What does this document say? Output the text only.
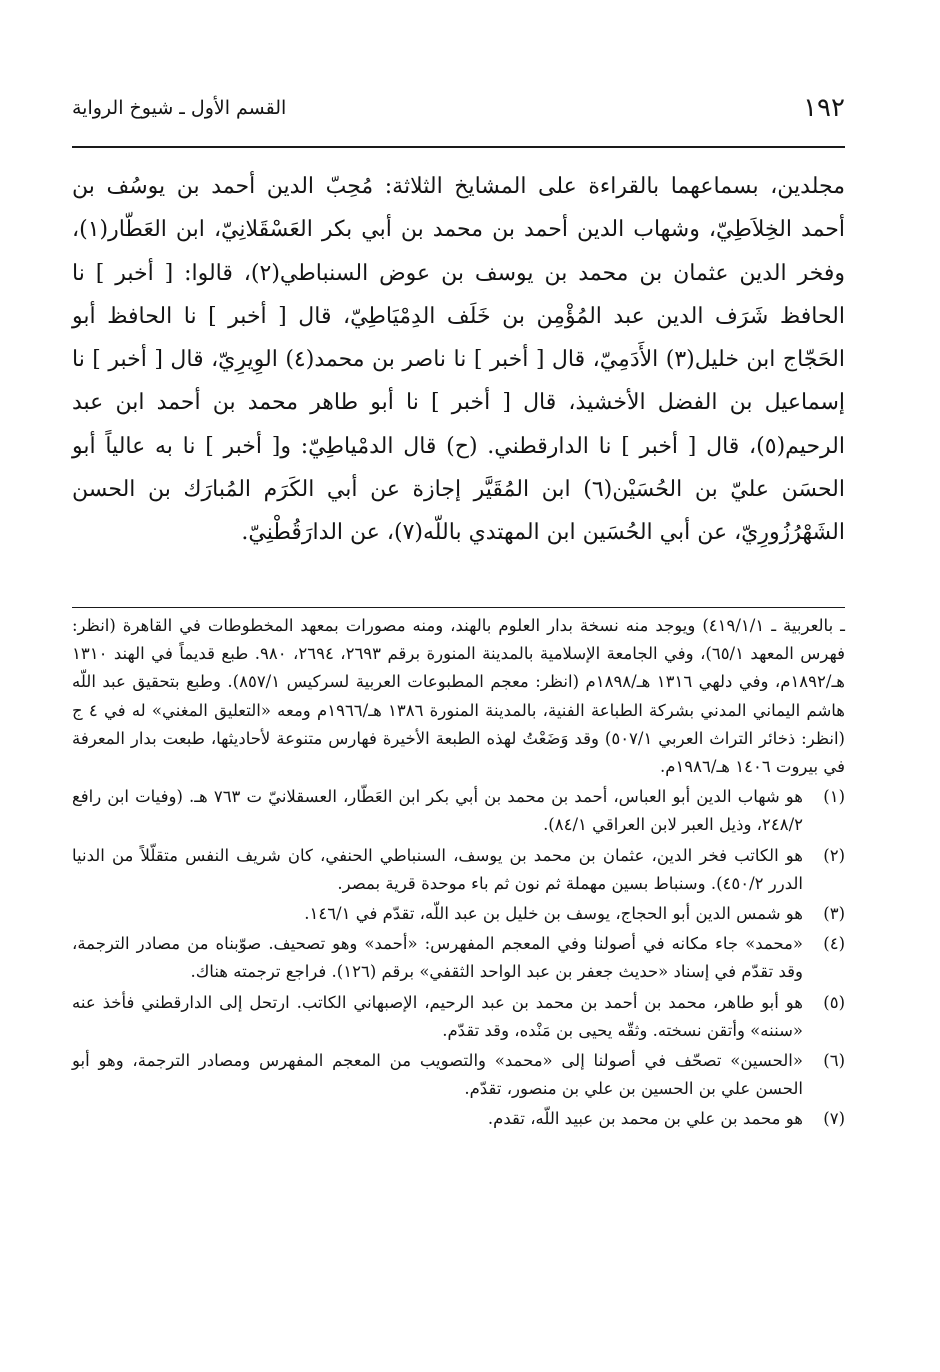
١٩٢
القسم الأول ـ شيوخ الرواية

مجلدين، بسماعهما بالقراءة على المشايخ الثلاثة: مُحِبّ الدين أحمد بن يوسُف بن أحمد الخِلاَطِيّ، وشهاب الدين أحمد بن محمد بن أبي بكر العَسْقَلانِيّ، ابن العَطّار(١)، وفخر الدين عثمان بن محمد بن يوسف بن عوض السنباطي(٢)، قالوا: [ أخبر ] نا الحافظ شَرَف الدين عبد المُؤْمِن بن خَلَف الدِمْيَاطِيّ، قال [ أخبر ] نا الحافظ أبو الحَجّاج ابن خليل(٣) الأَدَمِيّ، قال [ أخبر ] نا ناصر بن محمد(٤) الوِيرِيّ، قال [ أخبر ] نا إسماعيل بن الفضل الأخشيذ، قال [ أخبر ] نا أبو طاهر محمد بن أحمد ابن عبد الرحيم(٥)، قال [ أخبر ] نا الدارقطني. (ح) قال الدمْياطِيّ: و[ أخبر ] نا به عالياً أبو الحسَن عليّ بن الحُسَيْن(٦) ابن المُقَيَّر إجازة عن أبي الكَرَم المُبارَك بن الحسن الشَهْرُزُورِيّ، عن أبي الحُسَين ابن المهتدي باللّه(٧)، عن الدارَقُطْنِيّ.

ـ بالعربية ـ ٤١٩/١/١) ويوجد منه نسخة بدار العلوم بالهند، ومنه مصورات بمعهد المخطوطات في القاهرة (انظر: فهرس المعهد ٦٥/١)، وفي الجامعة الإسلامية بالمدينة المنورة برقم ٢٦٩٣، ٢٦٩٤، ٩٨٠. طبع قديماً في الهند ١٣١٠ هـ/١٨٩٢م، وفي دلهي ١٣١٦ هـ/١٨٩٨م (انظر: معجم المطبوعات العربية لسركيس ٨٥٧/١). وطبع بتحقيق عبد اللّه هاشم اليماني المدني بشركة الطباعة الفنية، بالمدينة المنورة ١٣٨٦ هـ/١٩٦٦م ومعه «التعليق المغني» له في ٤ ج (انظر: ذخائر التراث العربي ٥٠٧/١) وقد وَضَعْتُ لهذه الطبعة الأخيرة فهارس متنوعة لأحاديثها، طبعت بدار المعرفة في بيروت ١٤٠٦ هـ/١٩٨٦م.

(١)
هو شهاب الدين أبو العباس، أحمد بن محمد بن أبي بكر ابن العَطّار، العسقلانيّ ت ٧٦٣ هـ. (وفيات ابن رافع ٢٤٨/٢، وذيل العبر لابن العراقي ٨٤/١).
(٢)
هو الكاتب فخر الدين، عثمان بن محمد بن يوسف، السنباطي الحنفي، كان شريف النفس متقلّلاً من الدنيا الدرر ٤٥٠/٢). وسنباط بسين مهملة ثم نون ثم باء موحدة قرية بمصر.
(٣)
هو شمس الدين أبو الحجاج، يوسف بن خليل بن عبد اللّه، تقدّم في ١٤٦/١.
(٤)
«محمد» جاء مكانه في أصولنا وفي المعجم المفهرس: «أحمد» وهو تصحيف. صوّبناه من مصادر الترجمة، وقد تقدّم في إسناد «حديث جعفر بن عبد الواحد الثقفي» برقم (١٢٦). فراجع ترجمته هناك.
(٥)
هو أبو طاهر، محمد بن أحمد بن محمد بن عبد الرحيم، الإصبهاني الكاتب. ارتحل إلى الدارقطني فأخذ عنه «سننه» وأتقن نسخته. وثقّه يحيى بن مَنْده، وقد تقدّم.
(٦)
«الحسين» تصحّف في أصولنا إلى «محمد» والتصويب من المعجم المفهرس ومصادر الترجمة، وهو أبو الحسن علي بن الحسين بن علي بن منصور، تقدّم.
(٧)
هو محمد بن علي بن محمد بن عبيد اللّه، تقدم.
